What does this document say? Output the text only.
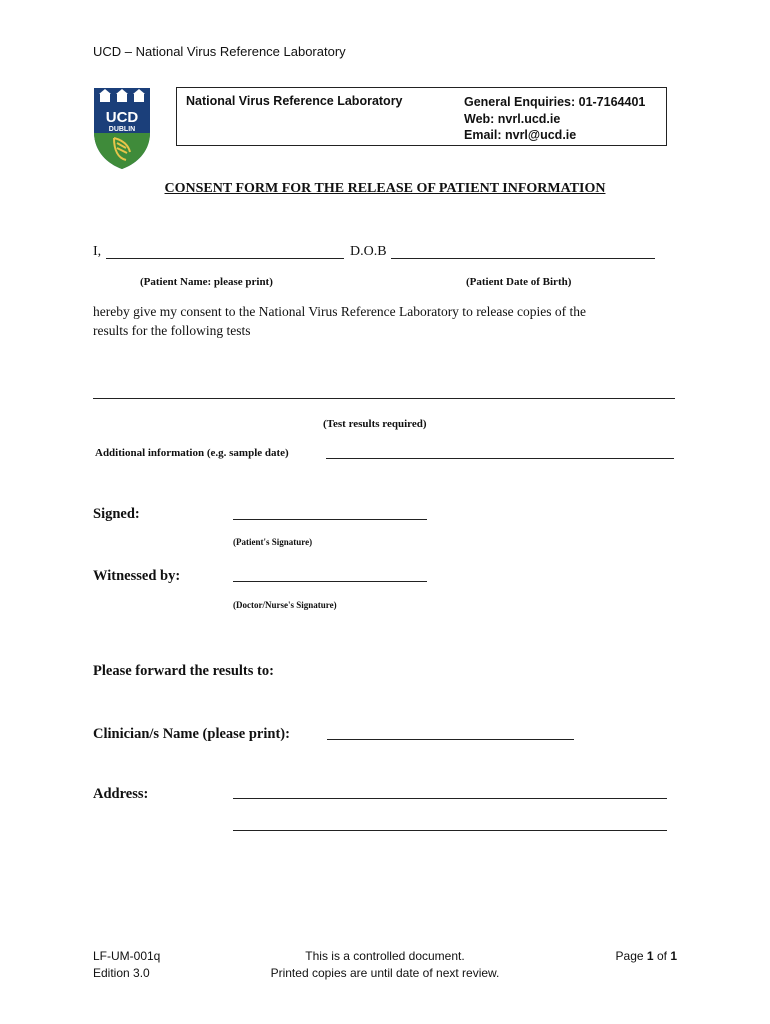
UCD – National Virus Reference Laboratory
UCD
DUBLIN
National Virus Reference Laboratory	General Enquiries: 01-7164401
Web: nvrl.ucd.ie
Email: nvrl@ucd.ie
CONSENT FORM FOR THE RELEASE OF PATIENT INFORMATION
I,	D.O.B
(Patient Name: please print)	(Patient Date of Birth)
hereby give my consent to the National Virus Reference Laboratory to release copies of the
results for the following tests
(Test results required)
Additional information (e.g. sample date)
Signed:
(Patient's Signature)
Witnessed by:
(Doctor/Nurse's Signature)
Please forward the results to:
Clinician/s Name (please print):
Address:
LF-UM-001q
Edition 3.0
This is a controlled document.
Printed copies are until date of next review.
Page 1 of 1
